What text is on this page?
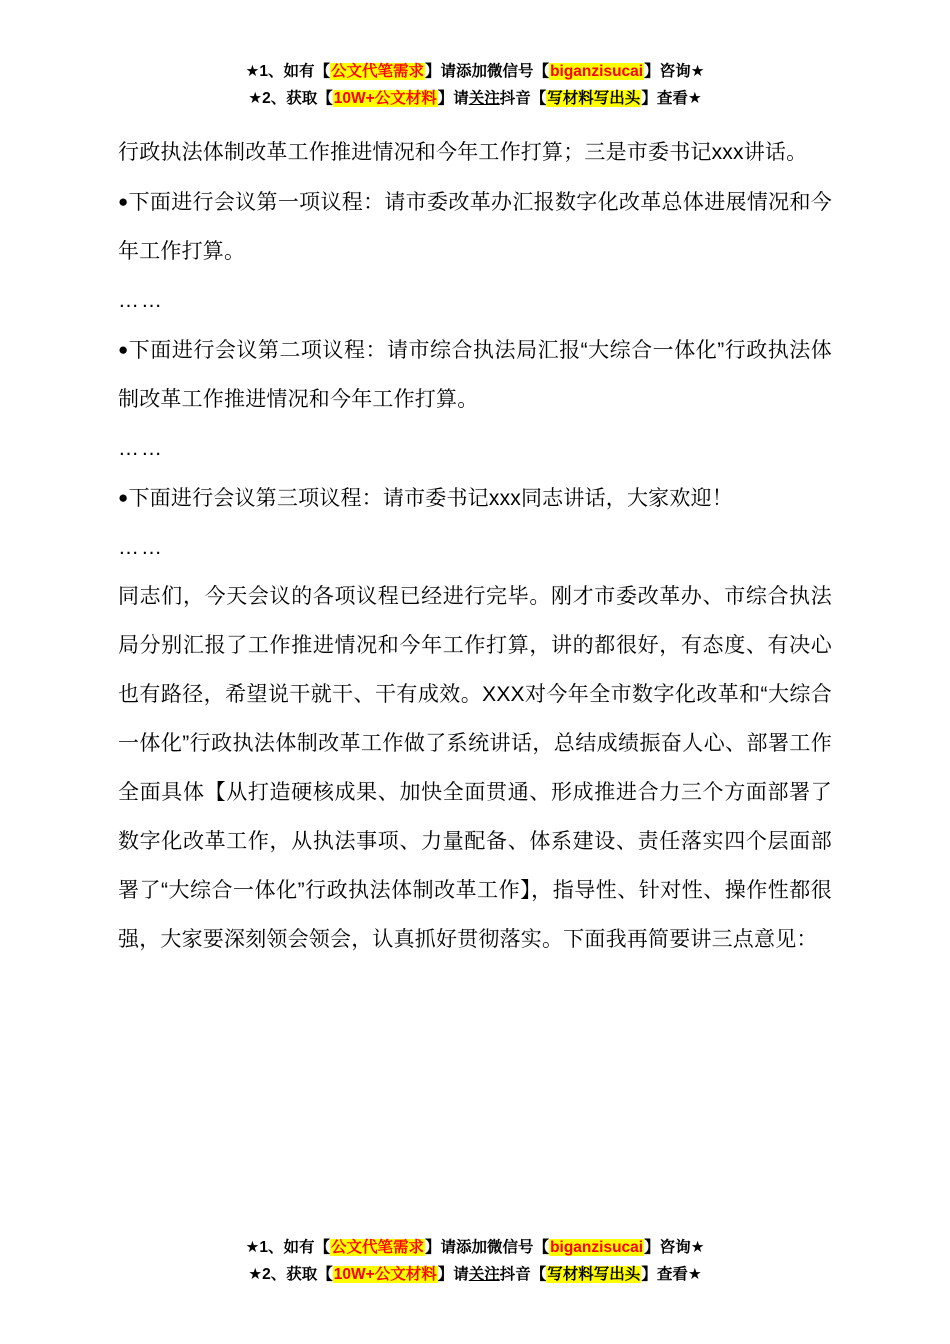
★1、如有【公文代笔需求】请添加微信号【biganzisucai】咨询★
★2、获取【10W+公文材料】请关注抖音【写材料写出头】查看★

行政执法体制改革工作推进情况和今年工作打算；三是市委书记xxx讲话。

●下面进行会议第一项议程：请市委改革办汇报数字化改革总体进展情况和今年工作打算。

……

●下面进行会议第二项议程：请市综合执法局汇报“大综合一体化”行政执法体制改革工作推进情况和今年工作打算。

……

●下面进行会议第三项议程：请市委书记xxx同志讲话，大家欢迎！

……

同志们，今天会议的各项议程已经进行完毕。刚才市委改革办、市综合执法局分别汇报了工作推进情况和今年工作打算，讲的都很好，有态度、有决心也有路径，希望说干就干、干有成效。XXX对今年全市数字化改革和“大综合一体化”行政执法体制改革工作做了系统讲话，总结成绩振奋人心、部署工作全面具体【从打造硬核成果、加快全面贯通、形成推进合力三个方面部署了数字化改革工作，从执法事项、力量配备、体系建设、责任落实四个层面部署了“大综合一体化”行政执法体制改革工作】，指导性、针对性、操作性都很强，大家要深刻领会领会，认真抓好贯彻落实。下面我再简要讲三点意见：

★1、如有【公文代笔需求】请添加微信号【biganzisucai】咨询★
★2、获取【10W+公文材料】请关注抖音【写材料写出头】查看★
